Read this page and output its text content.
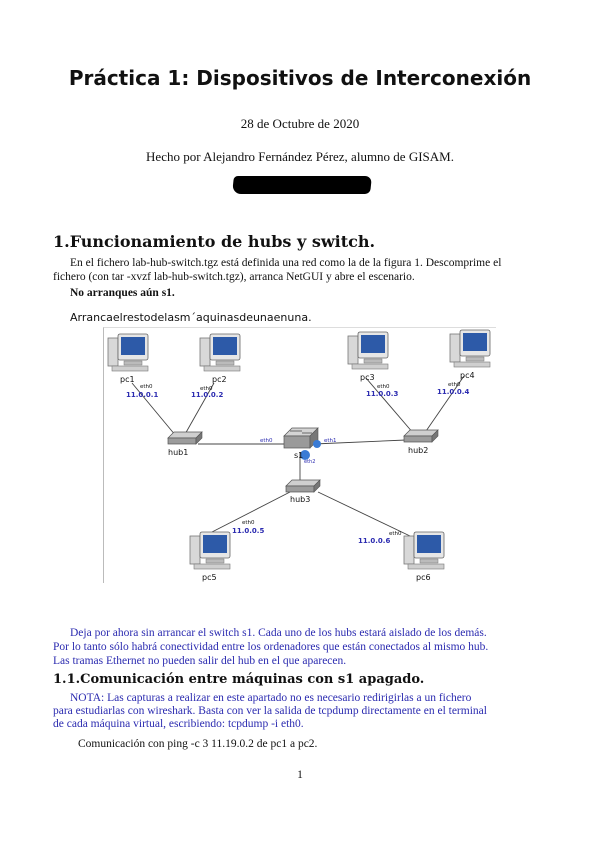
Práctica 1: Dispositivos de Interconexión
28 de Octubre de 2020
Hecho por Alejandro Fernández Pérez, alumno de GISAM.
1.Funcionamiento de hubs y switch.
En el fichero lab-hub-switch.tgz está definida una red como la de la figura 1. Descomprime el
fichero (con tar -xvzf lab-hub-switch.tgz), arranca NetGUI y abre el escenario.
No arranques aún s1.
Arrancaelrestodelasm´aquinasdeunaenuna.
pc1
eth0
11.0.0.1
pc2
eth0
11.0.0.2
pc3
eth0
11.0.0.3
pc4
eth0
11.0.0.4
pc5
eth0
11.0.0.5
pc6
eth0
11.0.0.6
hub1	hub2
hub3
s1
eth0	eth1
eth2
Deja por ahora sin arrancar el switch s1. Cada uno de los hubs estará aislado de los demás.
Por lo tanto sólo habrá conectividad entre los ordenadores que están conectados al mismo hub.
Las tramas Ethernet no pueden salir del hub en el que aparecen.
1.1.Comunicación entre máquinas con s1 apagado.
NOTA: Las capturas a realizar en este apartado no es necesario redirigirlas a un fichero
para estudiarlas con wireshark. Basta con ver la salida de tcpdump directamente en el terminal
de cada máquina virtual, escribiendo: tcpdump -i eth0.
Comunicación con ping -c 3 11.19.0.2 de pc1 a pc2.
1
